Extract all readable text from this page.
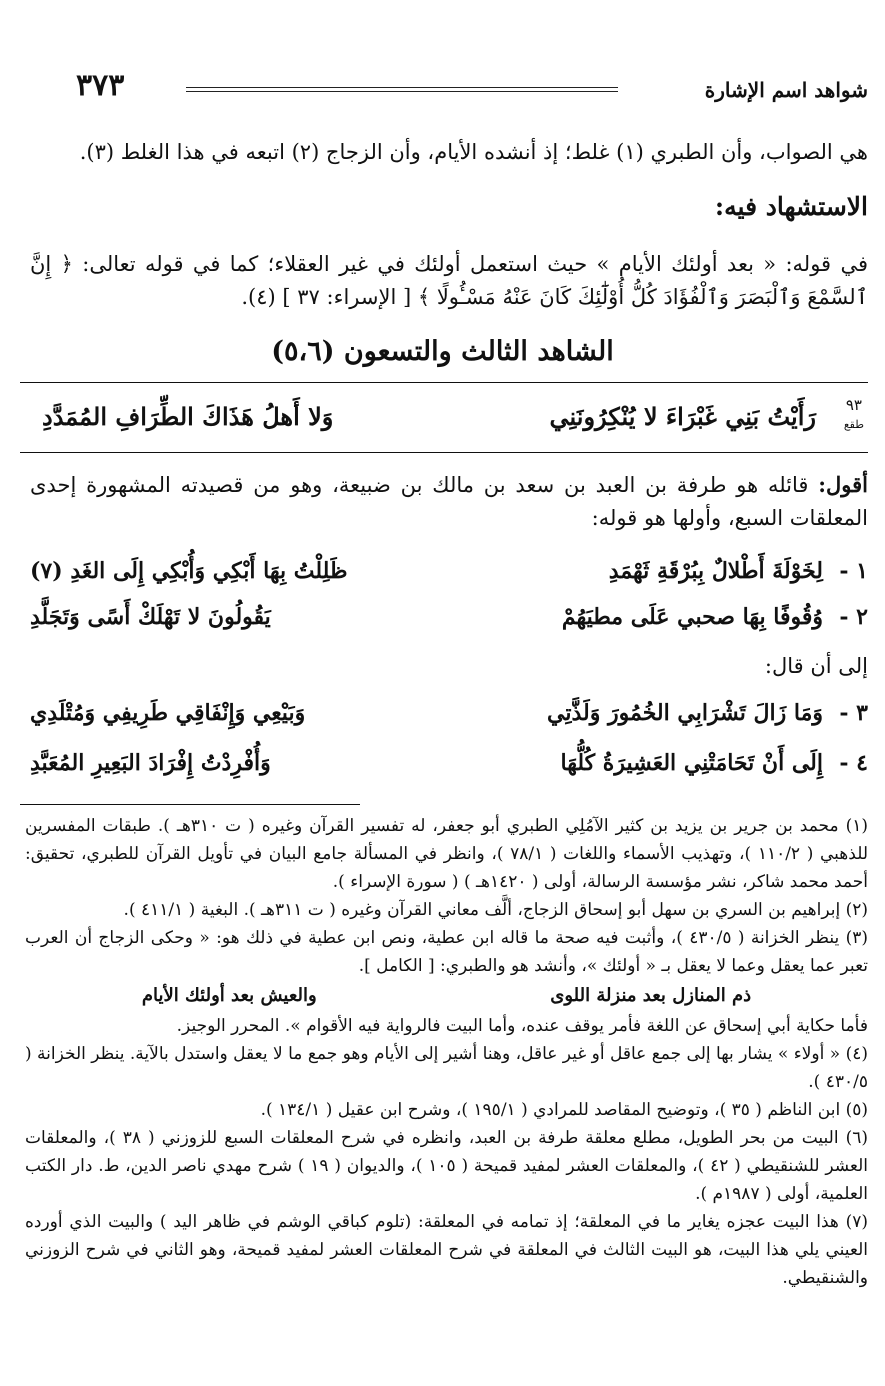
شواهد اسم الإشارة
٣٧٣
هي الصواب، وأن الطبري (١) غلط؛ إذ أنشده الأيام، وأن الزجاج (٢) اتبعه في هذا الغلط (٣).
الاستشهاد فيه:
في قوله: « بعد أولئك الأيام » حيث استعمل أولئك في غير العقلاء؛ كما في قوله تعالى: ﴿ إِنَّ ٱلسَّمْعَ وَٱلْبَصَرَ وَٱلْفُؤَادَ كُلُّ أُوْلَٰٓئِكَ كَانَ عَنْهُ مَسْـُٔولًا ﴾ [ الإسراء: ٣٧ ] (٤).
الشاهد الثالث والتسعون (٥،٦)
٩٣
طقع
رَأَيْتُ بَنِي غَبْرَاءَ لا يُنْكِرُونَنِي
وَلا أَهلُ هَذَاكَ الطِّرَافِ المُمَدَّدِ
أقول: قائله هو طرفة بن العبد بن سعد بن مالك بن ضبيعة، وهو من قصيدته المشهورة إحدى المعلقات السبع، وأولها هو قوله:
١ -
لِخَوْلَةَ أَطْلالٌ بِبُرْقَةِ ثَهْمَدِ
ظَلِلْتُ بِهَا أَبْكِي وَأُبْكِي إِلَى الغَدِ (٧)
٢ -
وُقُوفًا بِهَا صحبي عَلَى مطيَهُمْ
يَقُولُونَ لا تَهْلَكْ أَسًى وَتَجَلَّدِ
إلى أن قال:
٣ -
وَمَا زَالَ تَشْرَابِي الخُمُورَ وَلَذَّتِي
وَبَيْعِي وَإِنْفَاقِي طَرِيفِي وَمُتْلَدِي
٤ -
إِلَى أَنْ تَحَامَتْنِي العَشِيرَةُ كُلُّهَا
وَأُفْرِدْتُ إِفْرَادَ البَعِيرِ المُعَبَّدِ

(١) محمد بن جرير بن يزيد بن كثير الآمُلِي الطبري أبو جعفر، له تفسير القرآن وغيره ( ت ٣١٠هـ ). طبقات المفسرين للذهبي ( ١١٠/٢ )، وتهذيب الأسماء واللغات ( ٧٨/١ )، وانظر في المسألة جامع البيان في تأويل القرآن للطبري، تحقيق: أحمد محمد شاكر، نشر مؤسسة الرسالة، أولى ( ١٤٢٠هـ ) ( سورة الإسراء ).

(٢) إبراهيم بن السري بن سهل أبو إسحاق الزجاج، ألَّف معاني القرآن وغيره ( ت ٣١١هـ ). البغية ( ٤١١/١ ).

(٣) ينظر الخزانة ( ٤٣٠/٥ )، وأثبت فيه صحة ما قاله ابن عطية، ونص ابن عطية في ذلك هو: « وحكى الزجاج أن العرب تعبر عما يعقل وعما لا يعقل بـ « أولئك »، وأنشد هو والطبري: [ الكامل ].

ذم المنازل بعد منزلة اللوى
والعيش بعد أولئك الأيام

فأما حكاية أبي إسحاق عن اللغة فأمر يوقف عنده، وأما البيت فالرواية فيه الأقوام ». المحرر الوجيز.

(٤) « أولاء » يشار بها إلى جمع عاقل أو غير عاقل، وهنا أشير إلى الأيام وهو جمع ما لا يعقل واستدل بالآية. ينظر الخزانة ( ٤٣٠/٥ ).

(٥) ابن الناظم ( ٣٥ )، وتوضيح المقاصد للمرادي ( ١٩٥/١ )، وشرح ابن عقيل ( ١٣٤/١ ).

(٦) البيت من بحر الطويل، مطلع معلقة طرفة بن العبد، وانظره في شرح المعلقات السبع للزوزني ( ٣٨ )، والمعلقات العشر للشنقيطي ( ٤٢ )، والمعلقات العشر لمفيد قميحة ( ١٠٥ )، والديوان ( ١٩ ) شرح مهدي ناصر الدين، ط. دار الكتب العلمية، أولى ( ١٩٨٧م ).

(٧) هذا البيت عجزه يغاير ما في المعلقة؛ إذ تمامه في المعلقة: (تلوم كباقي الوشم في ظاهر اليد ) والبيت الذي أورده العيني يلي هذا البيت، هو البيت الثالث في المعلقة في شرح المعلقات العشر لمفيد قميحة، وهو الثاني في شرح الزوزني والشنقيطي.
